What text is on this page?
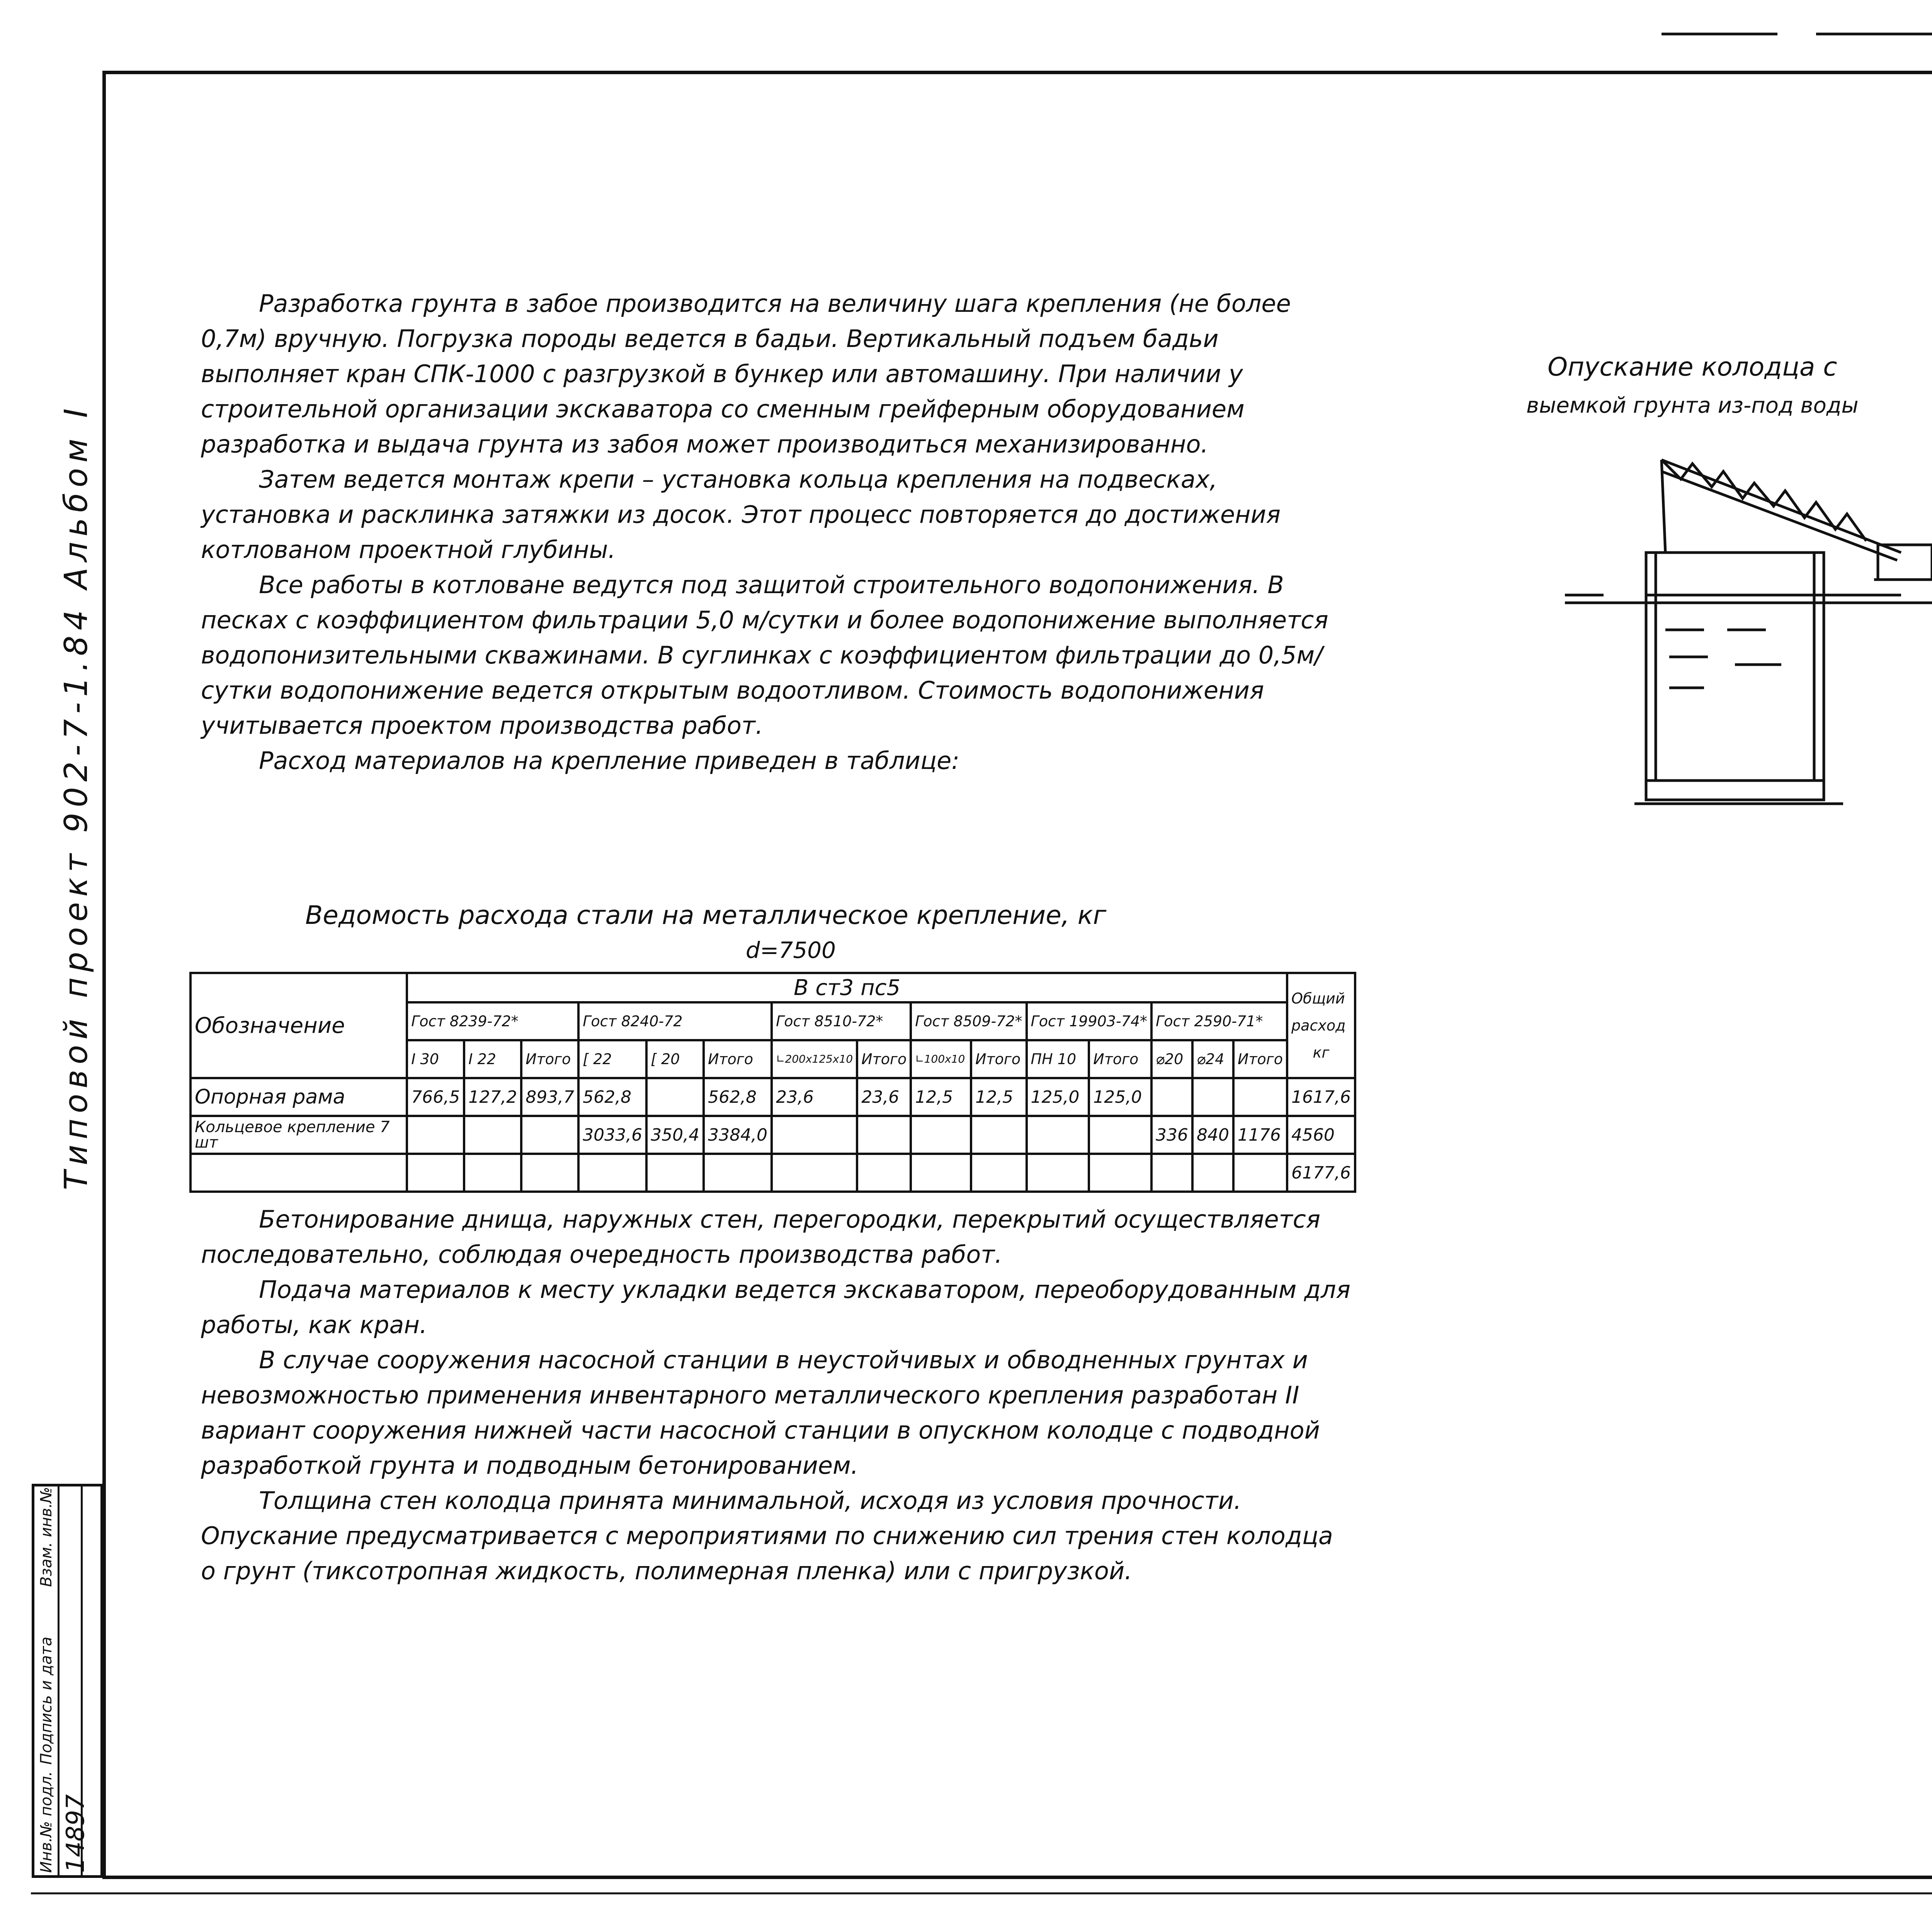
Типовой проект 902-7-1.84 Альбом I
Инв.№ подл.
Подпись и дата
Взам. инв.№
14897

Разработка грунта в забое производится на величину шага крепления (не более 0,7м) вручную. Погрузка породы ведется в бадьи. Вертикальный подъем бадьи выполняет кран СПК-1000 с разгрузкой в бункер или автомашину. При наличии у строительной организации экскаватора со сменным грейферным оборудованием разработка и выдача грунта из забоя может производиться механизированно.

Затем ведется монтаж крепи – установка кольца крепления на подвесках, установка и расклинка затяжки из досок. Этот процесс повторяется до достижения котлованом проектной глубины.

Все работы в котловане ведутся под защитой строительного водопонижения. В песках с коэффициентом фильтрации 5,0 м/сутки и более водопонижение выполняется водопонизительными скважинами. В суглинках с коэффициентом фильтрации до 0,5м/сутки водопонижение ведется открытым водоотливом. Стоимость водопонижения учитывается проектом производства работ.

Расход материалов на крепление приведен в таблице:

Ведомость расхода стали на металлическое крепление, кг
d=7500
Обозначение	В ст3 пс5															Общий
расход
кг

	Гост 8239-72*			Гост 8240-72			Гост 8510-72*		Гост 8509-72*		Гост 19903-74*		Гост 2590-71*			
	I 30	I 22	Итого	[ 22	[ 20	Итого	∟200x125x10	Итого	∟100x10	Итого	ПН 10	Итого	⌀20	⌀24	Итого	
Опорная рама	766,5	127,2	893,7	562,8		562,8	23,6	23,6	12,5	12,5	125,0	125,0				1617,6
Кольцевое крепление 7 шт				3033,6	350,4	3384,0							336	840	1176	4560
																6177,6

Бетонирование днища, наружных стен, перегородки, перекрытий осуществляется последовательно, соблюдая очередность производства работ.

Подача материалов к месту укладки ведется экскаватором, переоборудованным для работы, как кран.

В случае сооружения насосной станции в неустойчивых и обводненных грунтах и невозможностью применения инвентарного металлического крепления разработан II вариант сооружения нижней части насосной станции в опускном колодце с подводной разработкой грунта и подводным бетонированием.

Толщина стен колодца принята минимальной, исходя из условия прочности. Опускание предусматривается с мероприятиями по снижению сил трения стен колодца о грунт (тиксотропная жидкость, полимерная пленка) или с пригрузкой.

Опускание колодца с
выемкой грунта из-под воды
